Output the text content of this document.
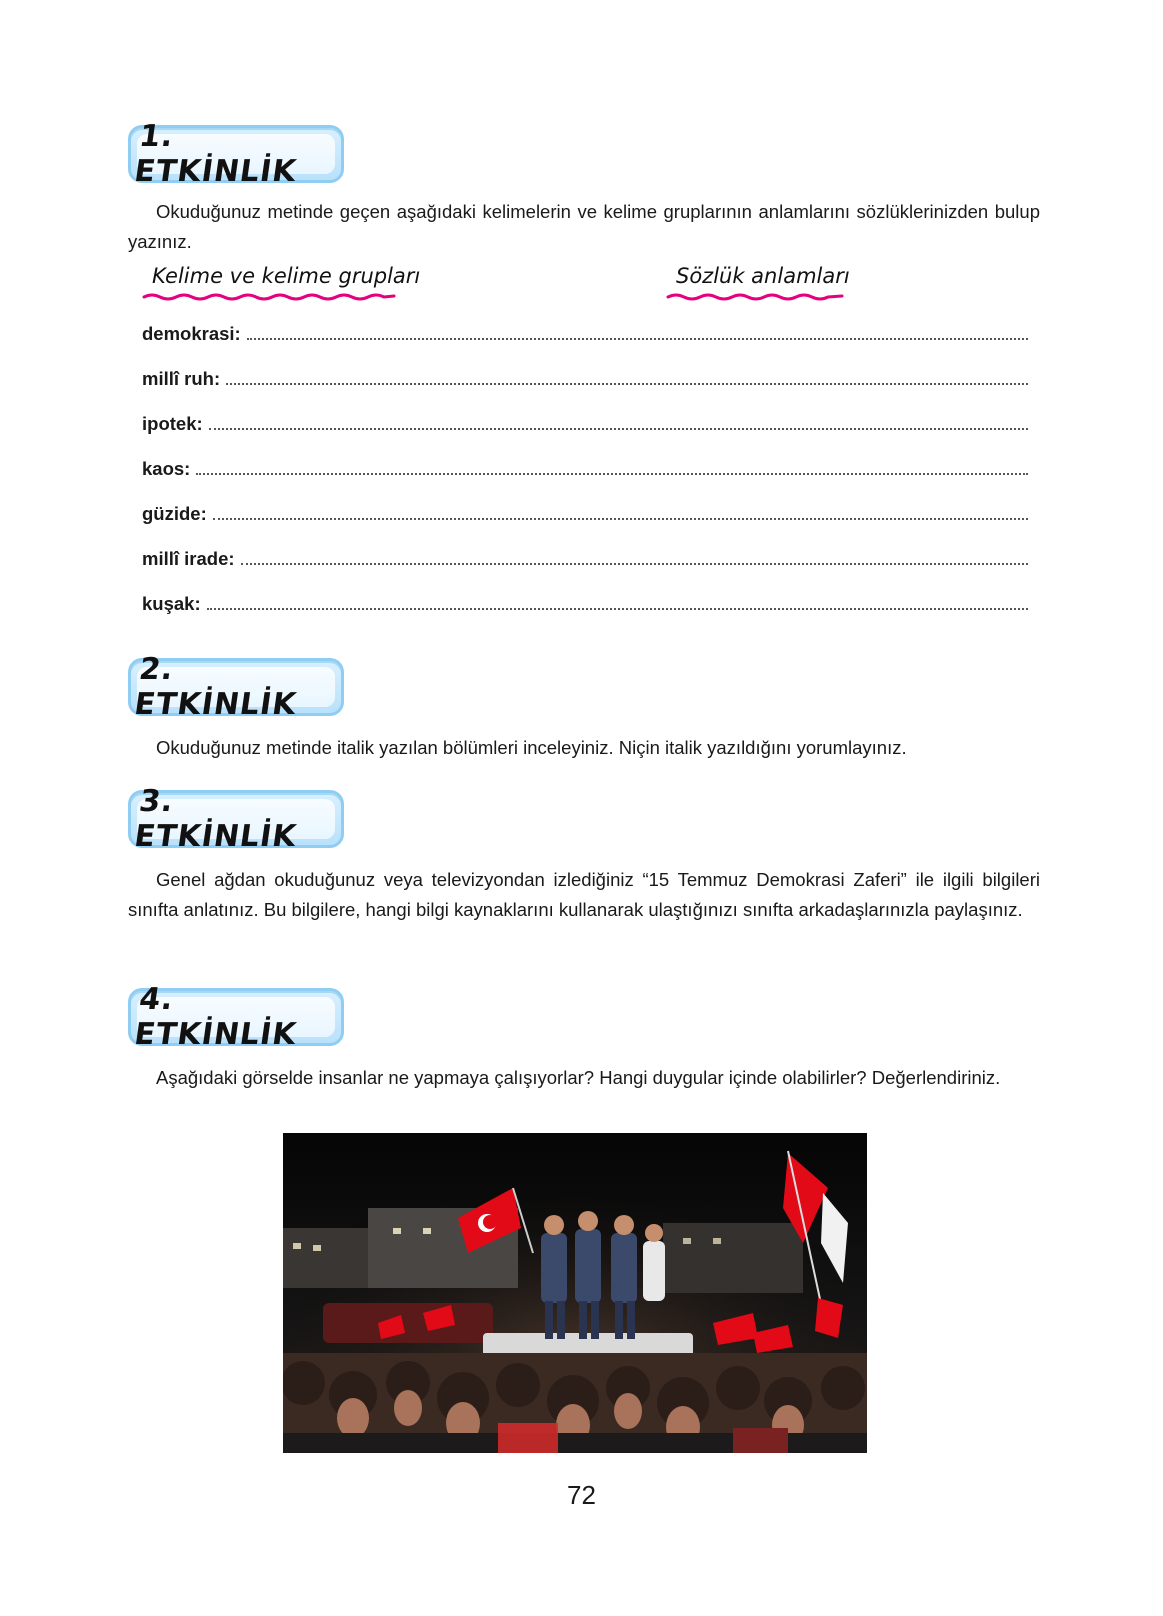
1. ETKİNLİK

Okuduğunuz metinde geçen aşağıdaki kelimelerin ve kelime gruplarının anlamlarını sözlüklerinizden bulup yazınız.

Kelime ve kelime grupları	Sözlük anlamları
demokrasi:
millî ruh:
ipotek:
kaos:
güzide:
millî irade:
kuşak:
2. ETKİNLİK

Okuduğunuz metinde italik yazılan bölümleri inceleyiniz. Niçin italik yazıldığını yorumlayınız.

3. ETKİNLİK

Genel ağdan okuduğunuz veya televizyondan izlediğiniz “15 Temmuz Demokrasi Zaferi” ile ilgili bilgileri sınıfta anlatınız. Bu bilgilere, hangi bilgi kaynaklarını kullanarak ulaştığınızı sınıfta arkadaşlarınızla paylaşınız.

4. ETKİNLİK

Aşağıdaki görselde insanlar ne yapmaya çalışıyorlar? Hangi duygular içinde olabilirler? Değerlendiriniz.

72
